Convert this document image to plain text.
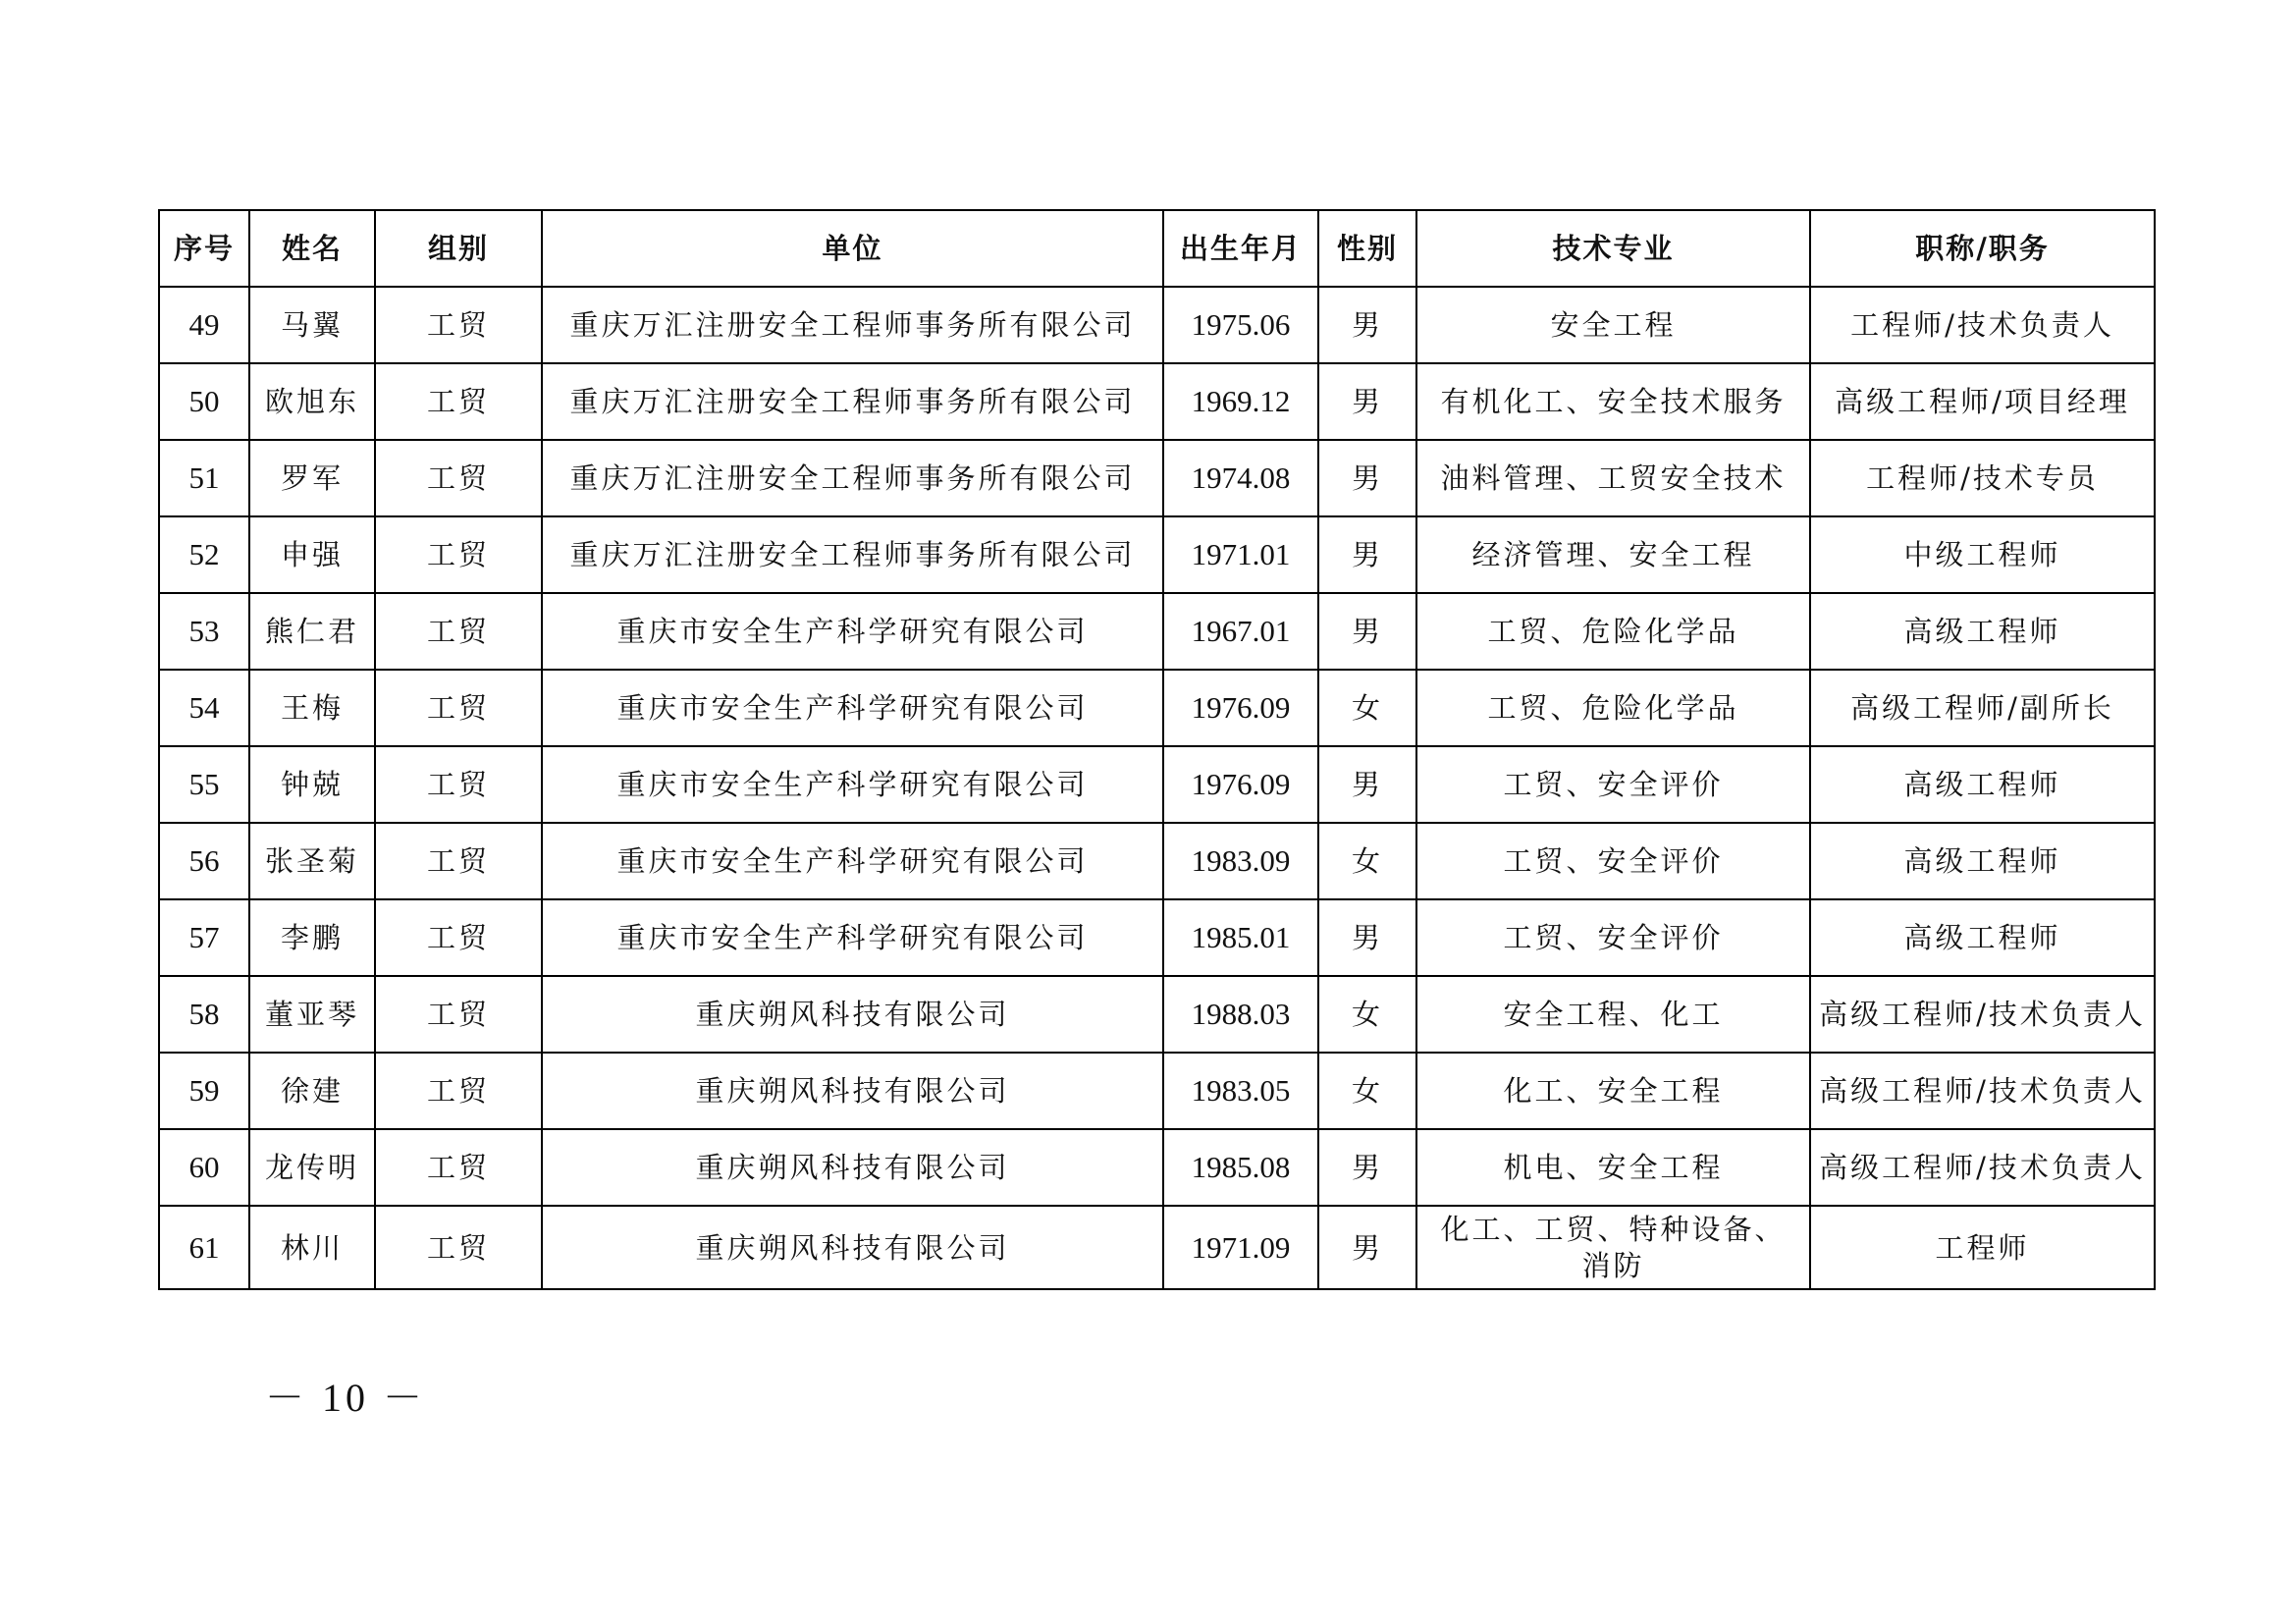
序号	姓名	组别	单位	出生年月	性别	技术专业	职称/职务
49	马翼	工贸	重庆万汇注册安全工程师事务所有限公司	1975.06	男	安全工程	工程师/技术负责人
50	欧旭东	工贸	重庆万汇注册安全工程师事务所有限公司	1969.12	男	有机化工、安全技术服务	高级工程师/项目经理
51	罗军	工贸	重庆万汇注册安全工程师事务所有限公司	1974.08	男	油料管理、工贸安全技术	工程师/技术专员
52	申强	工贸	重庆万汇注册安全工程师事务所有限公司	1971.01	男	经济管理、安全工程	中级工程师
53	熊仁君	工贸	重庆市安全生产科学研究有限公司	1967.01	男	工贸、危险化学品	高级工程师
54	王梅	工贸	重庆市安全生产科学研究有限公司	1976.09	女	工贸、危险化学品	高级工程师/副所长
55	钟兢	工贸	重庆市安全生产科学研究有限公司	1976.09	男	工贸、安全评价	高级工程师
56	张圣菊	工贸	重庆市安全生产科学研究有限公司	1983.09	女	工贸、安全评价	高级工程师
57	李鹏	工贸	重庆市安全生产科学研究有限公司	1985.01	男	工贸、安全评价	高级工程师
58	董亚琴	工贸	重庆朔风科技有限公司	1988.03	女	安全工程、化工	高级工程师/技术负责人
59	徐建	工贸	重庆朔风科技有限公司	1983.05	女	化工、安全工程	高级工程师/技术负责人
60	龙传明	工贸	重庆朔风科技有限公司	1985.08	男	机电、安全工程	高级工程师/技术负责人
61	林川	工贸	重庆朔风科技有限公司	1971.09	男	化工、工贸、特种设备、消防	工程师
－ 10 －
